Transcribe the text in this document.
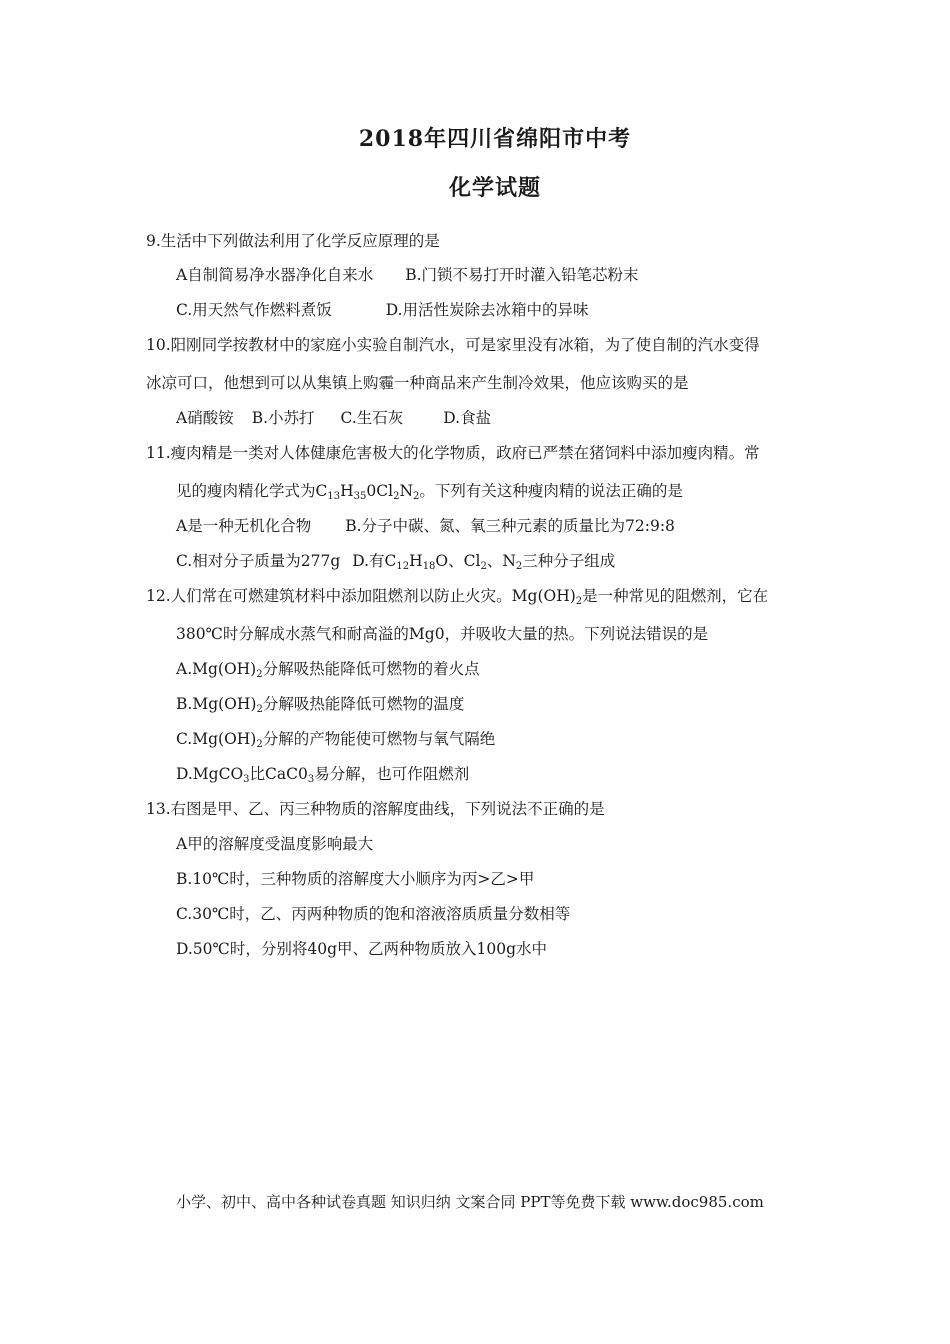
2018年四川省绵阳市中考
化学试题
9.生活中下列做法利用了化学反应原理的是
A自制简易净水器净化自来水 B.门锁不易打开时灌入铅笔芯粉末
C.用天然气作燃料煮饭	D.用活性炭除去冰箱中的异味
10.阳刚同学按教材中的家庭小实验自制汽水，可是家里没有冰箱，为了使自制的汽水变得
冰凉可口，他想到可以从集镇上购霾一种商品来产生制冷效果，他应该购买的是
A硝酸铵 B.小苏打 C.生石灰	D.食盐
11.瘦肉精是一类对人体健康危害极大的化学物质，政府已严禁在猪饲料中添加瘦肉精。常
见的瘦肉精化学式为$C_{13}H_{35}0Cl_2N_2$。下列有关这种瘦肉精的说法正确的是
A是一种无机化合物 B.分子中碳、氮、氧三种元素的质量比为72:9:8
C.相对分子质量为277g D.有$C_{12}H_{18}O$、$Cl_2$、$N_2$三种分子组成
12.人们常在可燃建筑材料中添加阻燃剂以防止火灾。$Mg(OH)_2$是一种常见的阻燃剂，它在
380℃时分解成水蒸气和耐高溢的Mg0，并吸收大量的热。下列说法错误的是
$A.Mg(OH)_2$分解吸热能降低可燃物的着火点
$B.Mg(OH)_2$分解吸热能降低可燃物的温度
$C.Mg(OH)_2$分解的产物能使可燃物与氧气隔绝
D.MgCO$_3$比$CaC0_3$易分解，也可作阻燃剂
13.右图是甲、乙、丙三种物质的溶解度曲线，下列说法不正确的是
A甲的溶解度受温度影响最大
B.10℃时，三种物质的溶解度大小顺序为丙>乙>甲
C.30℃时，乙、丙两种物质的饱和溶液溶质质量分数相等
D.50℃时，分别将40g甲、乙两种物质放入100g水中
小学、初中、高中各种试卷真题 知识归纳 文案合同 PPT等免费下载 www.doc985.com
